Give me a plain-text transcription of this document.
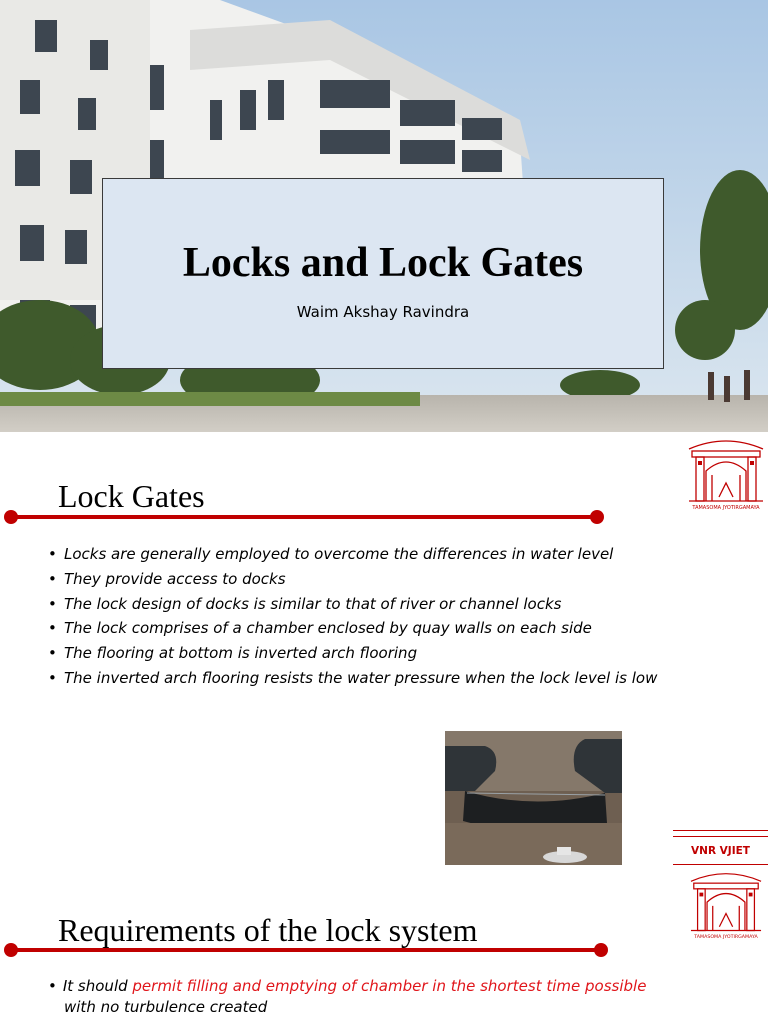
Locks and Lock Gates
Waim Akshay Ravindra
Lock Gates	TAMASOMA JYOTIRGAMAYA
• Locks are generally employed to overcome the differences in water level
• They provide access to docks
• The lock design of docks is similar to that of river or channel locks
• The lock comprises of a chamber enclosed by quay walls on each side
• The flooring at bottom is inverted arch flooring
• The inverted arch flooring resists the water pressure when the lock level is low
VNR VJIET
TAMASOMA JYOTIRGAMAYA
Requirements of the lock system
• It should permit filling and emptying of chamber in the shortest time possible
with no turbulence created
